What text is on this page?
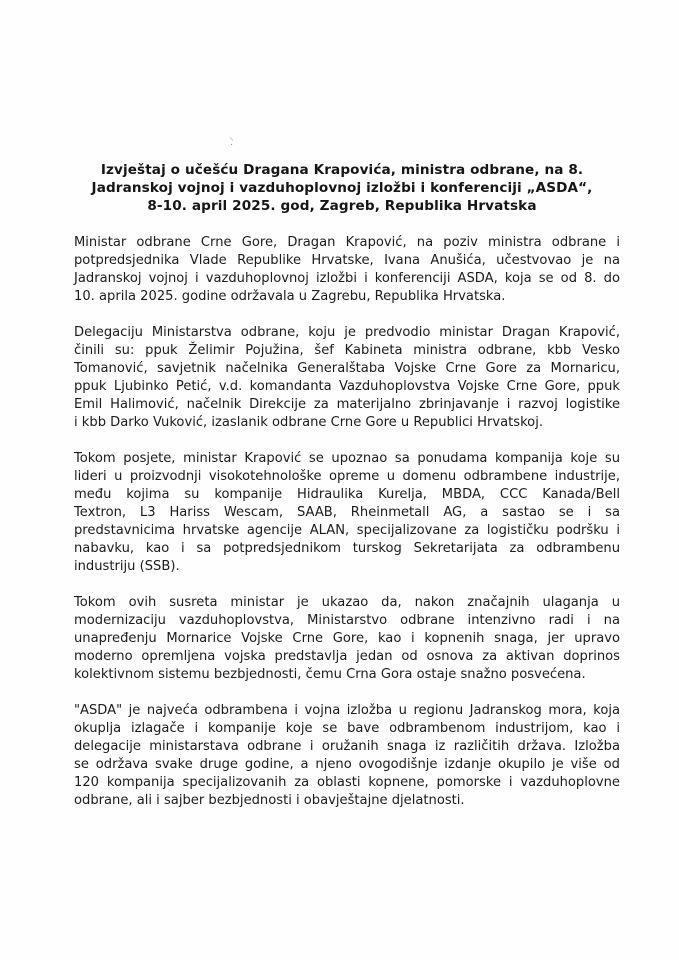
⸜
·
Izvještaj o učešću Dragana Krapovića, ministra odbrane, na 8.
Jadranskoj vojnoj i vazduhoplovnoj izložbi i konferenciji „ASDA“,
8-10. april 2025. god, Zagreb, Republika Hrvatska

Ministar odbrane Crne Gore, Dragan Krapović, na poziv ministra odbrane i
potpredsjednika Vlade Republike Hrvatske, Ivana Anušića, učestvovao je na
Jadranskoj vojnoj i vazduhoplovnoj izložbi i konferenciji ASDA, koja se od 8. do
10. aprila 2025. godine održavala u Zagrebu, Republika Hrvatska.

Delegaciju Ministarstva odbrane, koju je predvodio ministar Dragan Krapović,
činili su: ppuk Želimir Pojužina, šef Kabineta ministra odbrane, kbb Vesko
Tomanović, savjetnik načelnika Generalštaba Vojske Crne Gore za Mornaricu,
ppuk Ljubinko Petić, v.d. komandanta Vazduhoplovstva Vojske Crne Gore, ppuk
Emil Halimović, načelnik Direkcije za materijalno zbrinjavanje i razvoj logistike
i kbb Darko Vuković, izaslanik odbrane Crne Gore u Republici Hrvatskoj.

Tokom posjete, ministar Krapović se upoznao sa ponudama kompanija koje su
lideri u proizvodnji visokotehnološke opreme u domenu odbrambene industrije,
među kojima su kompanije Hidraulika Kurelja, MBDA, CCC Kanada/Bell
Textron, L3 Hariss Wescam, SAAB, Rheinmetall AG, a sastao se i sa
predstavnicima hrvatske agencije ALAN, specijalizovane za logističku podršku i
nabavku, kao i sa potpredsjednikom turskog Sekretarijata za odbrambenu
industriju (SSB).

Tokom ovih susreta ministar je ukazao da, nakon značajnih ulaganja u
modernizaciju vazduhoplovstva, Ministarstvo odbrane intenzivno radi i na
unapređenju Mornarice Vojske Crne Gore, kao i kopnenih snaga, jer upravo
moderno opremljena vojska predstavlja jedan od osnova za aktivan doprinos
kolektivnom sistemu bezbjednosti, čemu Crna Gora ostaje snažno posvećena.

"ASDA" je najveća odbrambena i vojna izložba u regionu Jadranskog mora, koja
okuplja izlagače i kompanije koje se bave odbrambenom industrijom, kao i
delegacije ministarstava odbrane i oružanih snaga iz različitih država. Izložba
se održava svake druge godine, a njeno ovogodišnje izdanje okupilo je više od
120 kompanija specijalizovanih za oblasti kopnene, pomorske i vazduhoplovne
odbrane, ali i sajber bezbjednosti i obavještajne djelatnosti.
